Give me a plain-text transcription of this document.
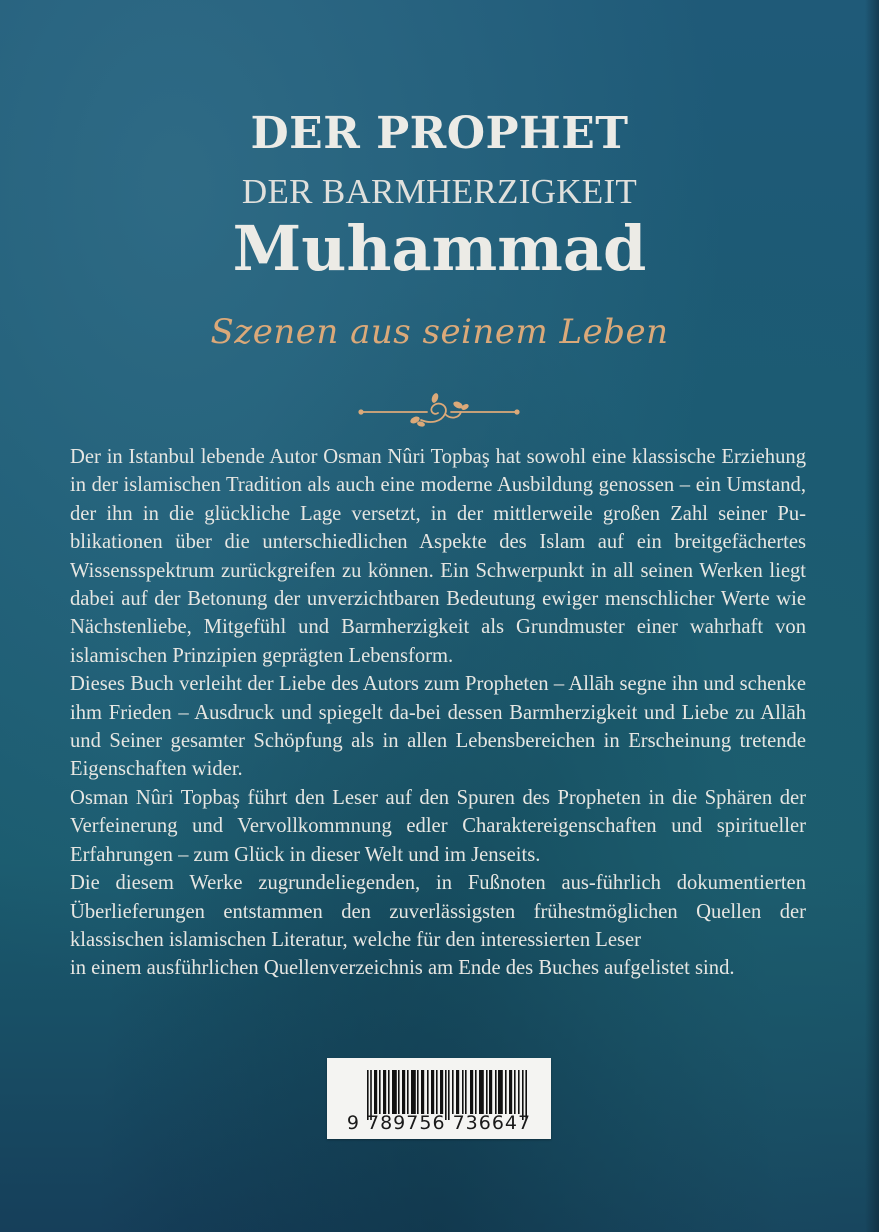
DER PROPHET
DER BARMHERZIGKEIT
Muhammad
Szenen aus seinem Leben

Der in Istanbul lebende Autor Osman Nûri Topbaş hat sowohl eine klassische Erziehung in der islamischen Tradition als auch eine moderne Ausbildung genossen – ein Umstand, der ihn in die glückliche Lage versetzt, in der mittlerweile großen Zahl seiner Pu-blikationen über die unterschiedlichen Aspekte des Islam auf ein breitgefächertes Wissensspektrum zurückgreifen zu können. Ein Schwerpunkt in all seinen Werken liegt dabei auf der Betonung der unverzichtbaren Bedeutung ewiger menschlicher Werte wie Nächstenliebe, Mitgefühl und Barmherzigkeit als Grundmuster einer wahrhaft von islamischen Prinzipien geprägten Lebensform.

Dieses Buch verleiht der Liebe des Autors zum Propheten – Allāh segne ihn und schenke ihm Frieden – Ausdruck und spiegelt da-bei dessen Barmherzigkeit und Liebe zu Allāh und Seiner gesamter Schöpfung als in allen Lebensbereichen in Erscheinung tretende Eigenschaften wider.

Osman Nûri Topbaş führt den Leser auf den Spuren des Propheten in die Sphären der Verfeinerung und Vervollkommnung edler Charaktereigenschaften und spiritueller Erfahrungen – zum Glück in dieser Welt und im Jenseits.

Die diesem Werke zugrundeliegenden, in Fußnoten aus-führlich dokumentierten Überlieferungen entstammen den zuverlässigsten frühestmöglichen Quellen der klassischen islamischen Literatur, welche für den interessierten Leser

in einem ausführlichen Quellenverzeichnis am Ende des Buches aufgelistet sind.

9 789756 736647
